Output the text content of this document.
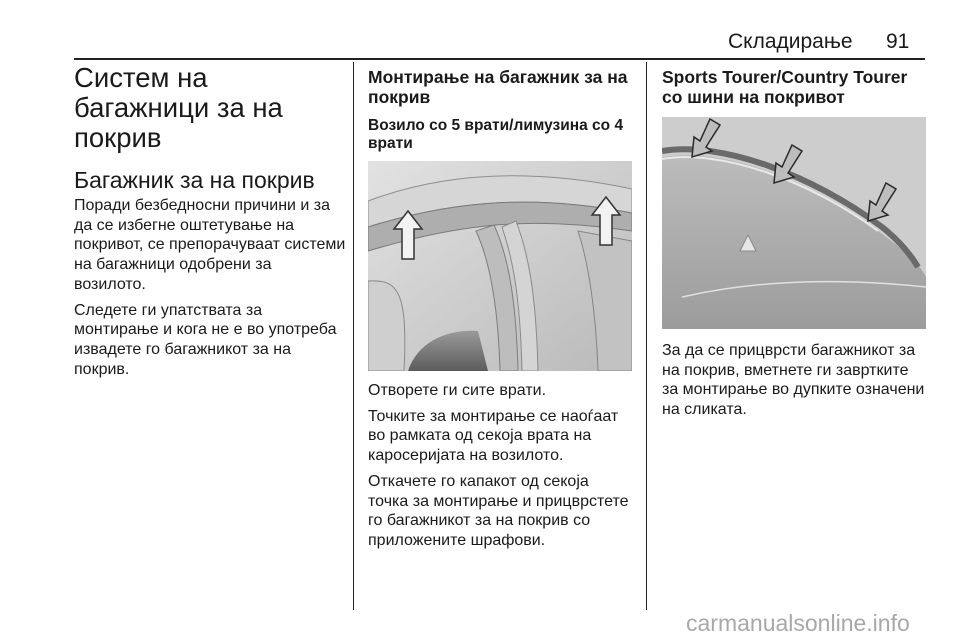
Складирање 91
Систем на багажници за на покрив
Багажник за на покрив

Поради безбедносни причини и за да се избегне оштетување на покривот, се препорачуваат системи на багажници одобрени за возилото.

Следете ги упатствата за монтирање и кога не е во употреба извадете го багажникот за на покрив.

Монтирање на багажник за на покрив
Возило со 5 врати/лимузина со 4 врати

Отворете ги сите врати.

Точките за монтирање се наоѓаат во рамката од секоја врата на каросеријата на возилото.

Откачете го капакот од секоја точка за монтирање и прицврстете го багажникот за на покрив со приложените шрафови.

Sports Tourer/Country Tourer со шини на покривот

За да се прицврсти багажникот за на покрив, вметнете ги завртките за монтирање во дупките означени на сликата.

carmanualsonline.info
